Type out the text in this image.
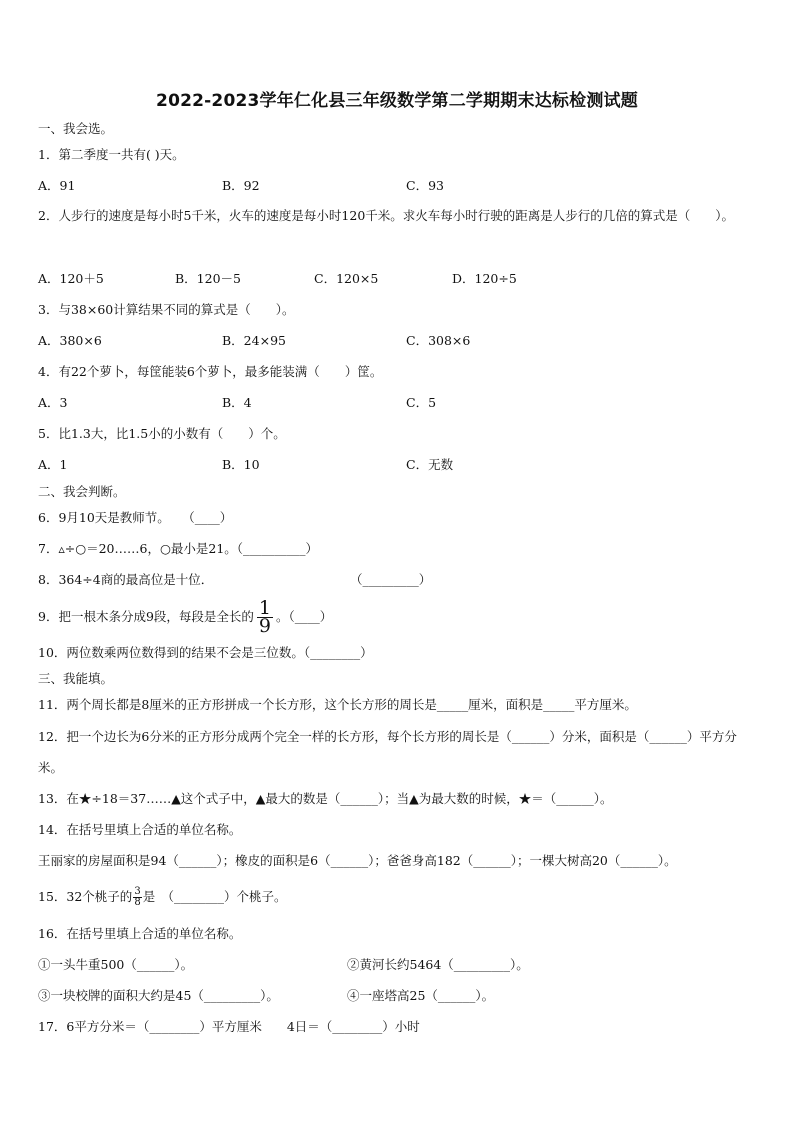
2022-2023学年仁化县三年级数学第二学期期末达标检测试题
一、我会选。
1．第二季度一共有( )天。
A．91	B．92	C．93
2．人步行的速度是每小时5千米，火车的速度是每小时120千米。求火车每小时行驶的距离是人步行的几倍的算式是（　　）。
A．120＋5	B．120－5	C．120×5	D．120÷5
3．与38×60计算结果不同的算式是（　　）。
A．380×6	B．24×95	C．308×6
4．有22个萝卜，每筐能装6个萝卜，最多能装满（　　）筐。
A．3	B．4	C．5
5．比1.3大，比1.5小的小数有（　　）个。
A．1	B．10	C．无数
二、我会判断。
6．9月10天是教师节。　　（____）
7．▵÷○＝20……6，○最小是21。（__________）
8．364÷4商的最高位是十位．	（_________）
9．把一根木条分成9段，每段是全长的 $\frac{1}{9}$ 。（____）
10．两位数乘两位数得到的结果不会是三位数。（________）
三、我能填。
11．两个周长都是8厘米的正方形拼成一个长方形，这个长方形的周长是_____厘米，面积是_____平方厘米。
12．把一个边长为6分米的正方形分成两个完全一样的长方形，每个长方形的周长是（______）分米，面积是（______）平方分米。
13．在★÷18＝37……▲这个式子中，▲最大的数是（______）；当▲为最大数的时候，★＝（______）。
14．在括号里填上合适的单位名称。
王丽家的房屋面积是94（______）；橡皮的面积是6（______）；爸爸身高182（______）；一棵大树高20（______）。
15．32个桃子的 $\frac{3}{8}$ 是　（________）个桃子。
16．在括号里填上合适的单位名称。
①一头牛重500（______）。	②黄河长约5464（_________）。
③一块校牌的面积大约是45（_________）。	④一座塔高25（______）。
17．6平方分米＝（________）平方厘米　　4日＝（________）小时
